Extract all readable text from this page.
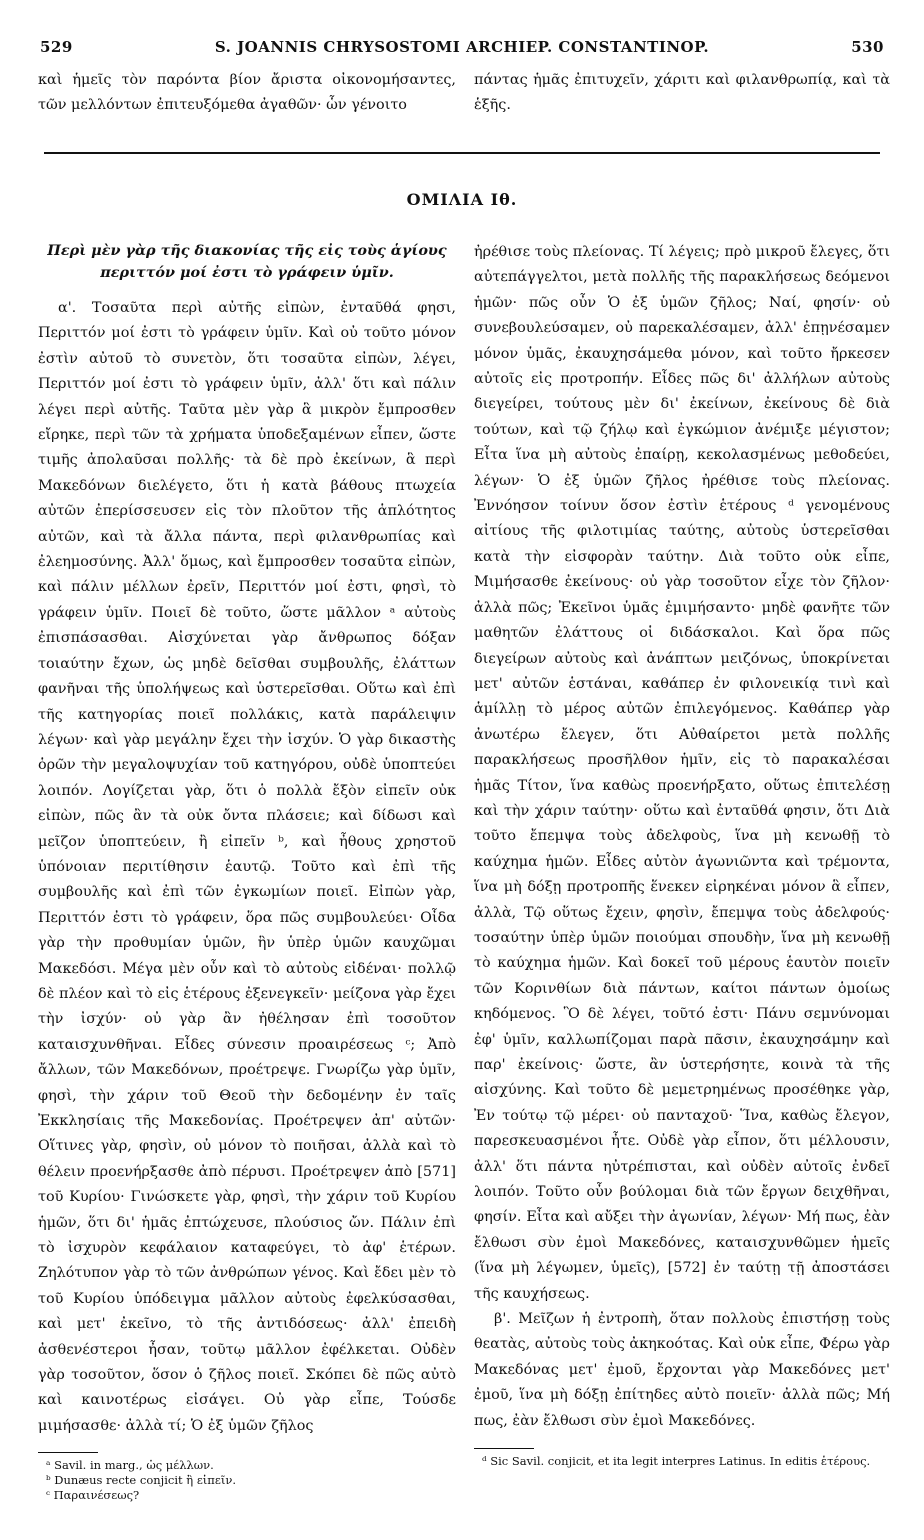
529	S. JOANNIS CHRYSOSTOMI ARCHIEP. CONSTANTINOP.	530

καὶ ἡμεῖς τὸν παρόντα βίον ἄριστα οἰκονομήσαντες, τῶν μελλόντων ἐπιτευξόμεθα ἀγαθῶν· ὧν γένοιτο

πάντας ἡμᾶς ἐπιτυχεῖν, χάριτι καὶ φιλανθρωπίᾳ, καὶ τὰ ἑξῆς.

ΟΜΙΛΙΑ Ιθ.

Περὶ μὲν γὰρ τῆς διακονίας τῆς εἰς τοὺς ἁγίους περιττόν μοί ἐστι τὸ γράφειν ὑμῖν.

α'. Τοσαῦτα περὶ αὐτῆς εἰπὼν, ἐνταῦθά φησι, Περιττόν μοί ἐστι τὸ γράφειν ὑμῖν. Καὶ οὐ τοῦτο μόνον ἐστὶν αὐτοῦ τὸ συνετὸν, ὅτι τοσαῦτα εἰπὼν, λέγει, Περιττόν μοί ἐστι τὸ γράφειν ὑμῖν, ἀλλ' ὅτι καὶ πάλιν λέγει περὶ αὐτῆς. Ταῦτα μὲν γὰρ ἃ μικρὸν ἔμπροσθεν εἴρηκε, περὶ τῶν τὰ χρήματα ὑποδεξαμένων εἶπεν, ὥστε τιμῆς ἀπολαῦσαι πολλῆς· τὰ δὲ πρὸ ἐκείνων, ἃ περὶ Μακεδόνων διελέγετο, ὅτι ἡ κατὰ βάθους πτωχεία αὐτῶν ἐπερίσσευσεν εἰς τὸν πλοῦτον τῆς ἁπλότητος αὐτῶν, καὶ τὰ ἄλλα πάντα, περὶ φιλανθρωπίας καὶ ἐλεημοσύνης. Ἀλλ' ὅμως, καὶ ἔμπροσθεν τοσαῦτα εἰπὼν, καὶ πάλιν μέλλων ἐρεῖν, Περιττόν μοί ἐστι, φησὶ, τὸ γράφειν ὑμῖν. Ποιεῖ δὲ τοῦτο, ὥστε μᾶλλον ᵃ αὐτοὺς ἐπισπάσασθαι. Αἰσχύνεται γὰρ ἄνθρωπος δόξαν τοιαύτην ἔχων, ὡς μηδὲ δεῖσθαι συμβουλῆς, ἐλάττων φανῆναι τῆς ὑπολήψεως καὶ ὑστερεῖσθαι. Οὕτω καὶ ἐπὶ τῆς κατηγορίας ποιεῖ πολλάκις, κατὰ παράλειψιν λέγων· καὶ γὰρ μεγάλην ἔχει τὴν ἰσχύν. Ὁ γὰρ δικαστὴς ὁρῶν τὴν μεγαλοψυχίαν τοῦ κατηγόρου, οὐδὲ ὑποπτεύει λοιπόν. Λογίζεται γὰρ, ὅτι ὁ πολλὰ ἔξὸν εἰπεῖν οὐκ εἰπὼν, πῶς ἂν τὰ οὐκ ὄντα πλάσειε; καὶ δίδωσι καὶ μεῖζον ὑποπτεύειν, ἢ εἰπεῖν ᵇ, καὶ ἦθους χρηστοῦ ὑπόνοιαν περιτίθησιν ἑαυτῷ. Τοῦτο καὶ ἐπὶ τῆς συμβουλῆς καὶ ἐπὶ τῶν ἐγκωμίων ποιεῖ. Εἰπὼν γὰρ, Περιττόν ἐστι τὸ γράφειν, ὅρα πῶς συμβουλεύει· Οἶδα γὰρ τὴν προθυμίαν ὑμῶν, ἣν ὑπὲρ ὑμῶν καυχῶμαι Μακεδόσι. Μέγα μὲν οὖν καὶ τὸ αὐτοὺς εἰδέναι· πολλῷ δὲ πλέον καὶ τὸ εἰς ἑτέρους ἐξενεγκεῖν· μείζονα γὰρ ἔχει τὴν ἰσχύν· οὐ γὰρ ἂν ἠθέλησαν ἐπὶ τοσοῦτον καταισχυνθῆναι. Εἶδες σύνεσιν προαιρέσεως ᶜ; Ἀπὸ ἄλλων, τῶν Μακεδόνων, προέτρεψε. Γνωρίζω γὰρ ὑμῖν, φησὶ, τὴν χάριν τοῦ Θεοῦ τὴν δεδομένην ἐν ταῖς Ἐκκλησίαις τῆς Μακεδονίας. Προέτρεψεν ἀπ' αὐτῶν· Οἵτινες γὰρ, φησὶν, οὐ μόνον τὸ ποιῆσαι, ἀλλὰ καὶ τὸ θέλειν προενήρξασθε ἀπὸ πέρυσι. Προέτρεψεν ἀπὸ [571] τοῦ Κυρίου· Γινώσκετε γὰρ, φησὶ, τὴν χάριν τοῦ Κυρίου ἡμῶν, ὅτι δι' ἡμᾶς ἐπτώχευσε, πλούσιος ὤν. Πάλιν ἐπὶ τὸ ἰσχυρὸν κεφάλαιον καταφεύγει, τὸ ἀφ' ἑτέρων. Ζηλότυπον γὰρ τὸ τῶν ἀνθρώπων γένος. Καὶ ἔδει μὲν τὸ τοῦ Κυρίου ὑπόδειγμα μᾶλλον αὐτοὺς ἐφελκύσασθαι, καὶ μετ' ἐκεῖνο, τὸ τῆς ἀντιδόσεως· ἀλλ' ἐπειδὴ ἀσθενέστεροι ἦσαν, τοῦτῳ μᾶλλον ἐφέλκεται. Οὐδὲν γὰρ τοσοῦτον, ὅσον ὁ ζῆλος ποιεῖ. Σκόπει δὲ πῶς αὐτὸ καὶ καινοτέρως εἰσάγει. Οὐ γὰρ εἶπε, Τούσδε μιμήσασθε· ἀλλὰ τί; Ὁ ἐξ ὑμῶν ζῆλος

ἠρέθισε τοὺς πλείονας. Τί λέγεις; πρὸ μικροῦ ἔλεγες, ὅτι αὐτεπάγγελτοι, μετὰ πολλῆς τῆς παρακλήσεως δεόμενοι ἡμῶν· πῶς οὖν Ὁ ἐξ ὑμῶν ζῆλος; Ναί, φησίν· οὐ συνεβουλεύσαμεν, οὐ παρεκαλέσαμεν, ἀλλ' ἐπῃνέσαμεν μόνον ὑμᾶς, ἐκαυχησάμεθα μόνον, καὶ τοῦτο ἤρκεσεν αὐτοῖς εἰς προτροπήν. Εἶδες πῶς δι' ἀλλήλων αὐτοὺς διεγείρει, τούτους μὲν δι' ἐκείνων, ἐκείνους δὲ διὰ τούτων, καὶ τῷ ζήλῳ καὶ ἐγκώμιον ἀνέμιξε μέγιστον; Εἶτα ἵνα μὴ αὐτοὺς ἐπαίρῃ, κεκολασμένως μεθοδεύει, λέγων· Ὁ ἐξ ὑμῶν ζῆλος ἠρέθισε τοὺς πλείονας. Ἐννόησον τοίνυν ὅσον ἐστὶν ἑτέρους ᵈ γενομένους αἰτίους τῆς φιλοτιμίας ταύτης, αὐτοὺς ὑστερεῖσθαι κατὰ τὴν εἰσφορὰν ταύτην. Διὰ τοῦτο οὐκ εἶπε, Μιμήσασθε ἐκείνους· οὐ γὰρ τοσοῦτον εἶχε τὸν ζῆλον· ἀλλὰ πῶς; Ἐκεῖνοι ὑμᾶς ἐμιμήσαντο· μηδὲ φανῆτε τῶν μαθητῶν ἐλάττους οἱ διδάσκαλοι. Καὶ ὅρα πῶς διεγείρων αὐτοὺς καὶ ἀνάπτων μειζόνως, ὑποκρίνεται μετ' αὐτῶν ἑστάναι, καθάπερ ἐν φιλονεικίᾳ τινὶ καὶ ἁμίλλῃ τὸ μέρος αὐτῶν ἐπιλεγόμενος. Καθάπερ γὰρ ἀνωτέρω ἔλεγεν, ὅτι Αὐθαίρετοι μετὰ πολλῆς παρακλήσεως προσῆλθον ἡμῖν, εἰς τὸ παρακαλέσαι ἡμᾶς Τίτον, ἵνα καθὼς προενήρξατο, οὕτως ἐπιτελέσῃ καὶ τὴν χάριν ταύτην· οὕτω καὶ ἐνταῦθά φησιν, ὅτι Διὰ τοῦτο ἔπεμψα τοὺς ἀδελφοὺς, ἵνα μὴ κενωθῇ τὸ καύχημα ἡμῶν. Εἶδες αὐτὸν ἀγωνιῶντα καὶ τρέμοντα, ἵνα μὴ δόξῃ προτροπῆς ἕνεκεν εἰρηκέναι μόνον ἃ εἶπεν, ἀλλὰ, Τῷ οὕτως ἔχειν, φησὶν, ἔπεμψα τοὺς ἀδελφούς· τοσαύτην ὑπὲρ ὑμῶν ποιούμαι σπουδὴν, ἵνα μὴ κενωθῇ τὸ καύχημα ἡμῶν. Καὶ δοκεῖ τοῦ μέρους ἑαυτὸν ποιεῖν τῶν Κορινθίων διὰ πάντων, καίτοι πάντων ὁμοίως κηδόμενος. Ὃ δὲ λέγει, τοῦτό ἐστι· Πάνυ σεμνύνομαι ἐφ' ὑμῖν, καλλωπίζομαι παρὰ πᾶσιν, ἐκαυχησάμην καὶ παρ' ἐκείνοις· ὥστε, ἂν ὑστερήσητε, κοινὰ τὰ τῆς αἰσχύνης. Καὶ τοῦτο δὲ μεμετρημένως προσέθηκε γὰρ, Ἐν τούτῳ τῷ μέρει· οὐ πανταχοῦ· Ἵνα, καθὼς ἔλεγον, παρεσκευασμένοι ἦτε. Οὐδὲ γὰρ εἶπον, ὅτι μέλλουσιν, ἀλλ' ὅτι πάντα ηὐτρέπισται, καὶ οὐδὲν αὐτοῖς ἐνδεῖ λοιπόν. Τοῦτο οὖν βούλομαι διὰ τῶν ἔργων δειχθῆναι, φησίν. Εἶτα καὶ αὔξει τὴν ἀγωνίαν, λέγων· Μή πως, ἐὰν ἔλθωσι σὺν ἐμοὶ Μακεδόνες, καταισχυνθῶμεν ἡμεῖς (ἵνα μὴ λέγωμεν, ὑμεῖς), [572] ἐν ταύτῃ τῇ ἀποστάσει τῆς καυχήσεως.

β'. Μεῖζων ἡ ἐντροπὴ, ὅταν πολλοὺς ἐπιστήσῃ τοὺς θεατὰς, αὐτοὺς τοὺς ἀκηκοότας. Καὶ οὐκ εἶπε, Φέρω γὰρ Μακεδόνας μετ' ἐμοῦ, ἔρχονται γὰρ Μακεδόνες μετ' ἐμοῦ, ἵνα μὴ δόξῃ ἐπίτηδες αὐτὸ ποιεῖν· ἀλλὰ πῶς; Μή πως, ἐὰν ἔλθωσι σὺν ἐμοὶ Μακεδόνες.

ᵃ Savil. in marg., ὡς μέλλων.

ᵇ Dunæus recte conjicit ἢ εἰπεῖν.

ᶜ Παραινέσεως?

ᵈ Sic Savil. conjicit, et ita legit interpres Latinus. In editis ἑτέρους.
